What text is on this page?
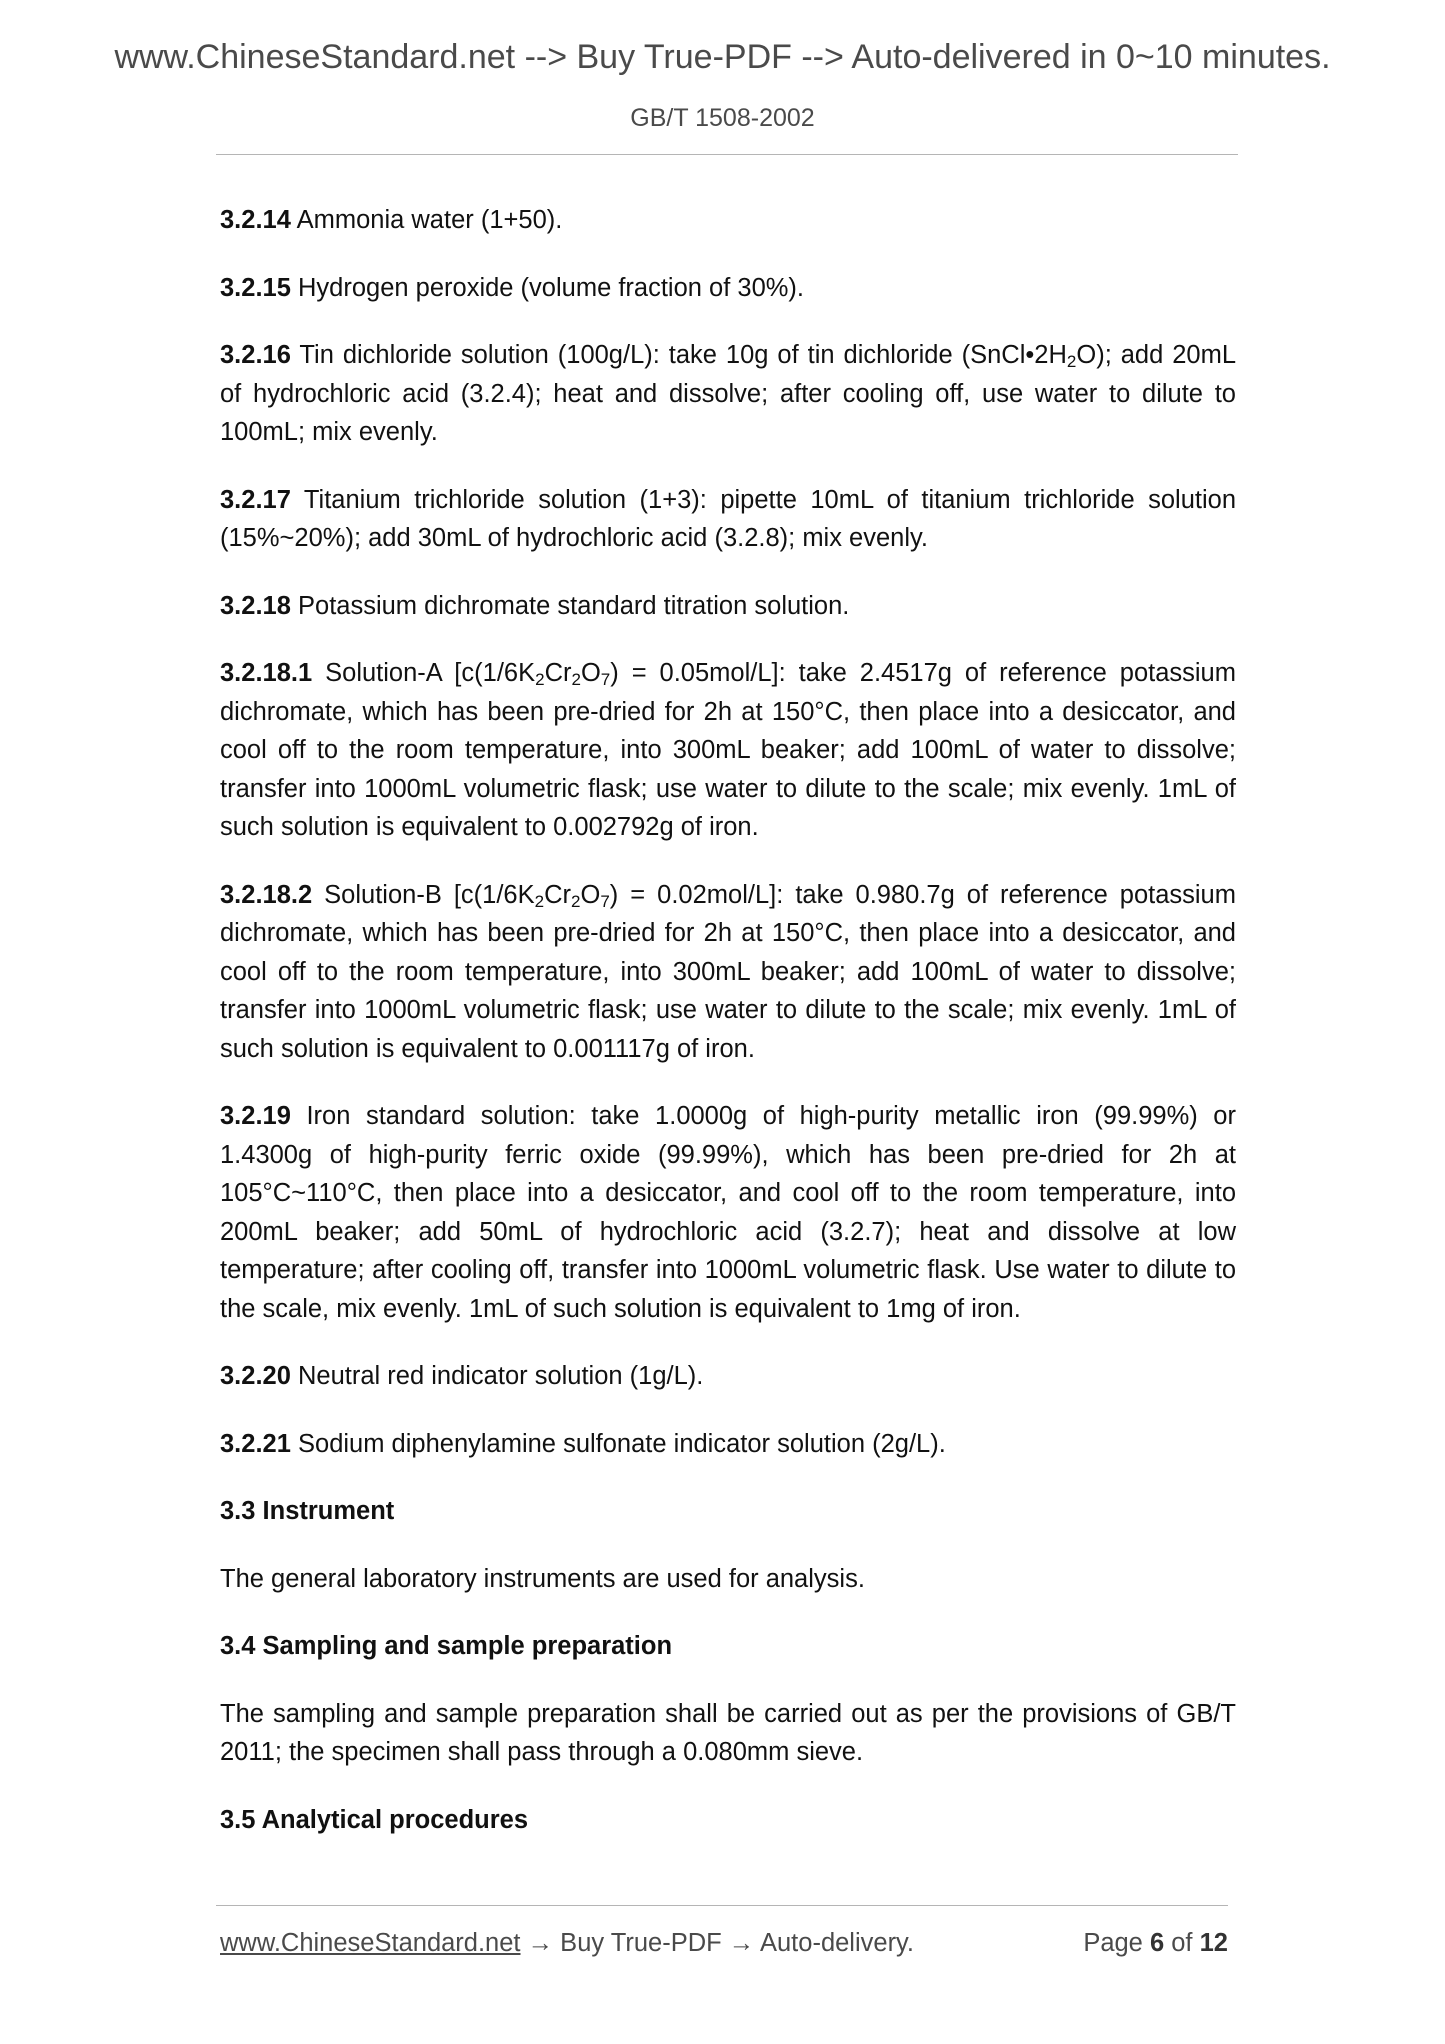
www.ChineseStandard.net --> Buy True-PDF --> Auto-delivered in 0~10 minutes.
GB/T 1508-2002

3.2.14 Ammonia water (1+50).

3.2.15 Hydrogen peroxide (volume fraction of 30%).

3.2.16 Tin dichloride solution (100g/L): take 10g of tin dichloride $(SnCl•2H_2O)$; add 20mL of hydrochloric acid (3.2.4); heat and dissolve; after cooling off, use water to dilute to 100mL; mix evenly.

3.2.17 Titanium trichloride solution (1+3): pipette 10mL of titanium trichloride solution (15%~20%); add 30mL of hydrochloric acid (3.2.8); mix evenly.

3.2.18 Potassium dichromate standard titration solution.

3.2.18.1 Solution-A $[c(1/6K_2Cr_2O_7) = 0.05mol/L]$: take 2.4517g of reference potassium dichromate, which has been pre-dried for 2h at 150°C, then place into a desiccator, and cool off to the room temperature, into 300mL beaker; add 100mL of water to dissolve; transfer into 1000mL volumetric flask; use water to dilute to the scale; mix evenly. 1mL of such solution is equivalent to 0.002792g of iron.

3.2.18.2 Solution-B $[c(1/6K_2Cr_2O_7) = 0.02mol/L]$: take 0.980.7g of reference potassium dichromate, which has been pre-dried for 2h at 150°C, then place into a desiccator, and cool off to the room temperature, into 300mL beaker; add 100mL of water to dissolve; transfer into 1000mL volumetric flask; use water to dilute to the scale; mix evenly. 1mL of such solution is equivalent to 0.001117g of iron.

3.2.19 Iron standard solution: take 1.0000g of high-purity metallic iron (99.99%) or 1.4300g of high-purity ferric oxide (99.99%), which has been pre-dried for 2h at 105°C~110°C, then place into a desiccator, and cool off to the room temperature, into 200mL beaker; add 50mL of hydrochloric acid (3.2.7); heat and dissolve at low temperature; after cooling off, transfer into 1000mL volumetric flask. Use water to dilute to the scale, mix evenly. 1mL of such solution is equivalent to 1mg of iron.

3.2.20 Neutral red indicator solution (1g/L).

3.2.21 Sodium diphenylamine sulfonate indicator solution (2g/L).

3.3 Instrument

The general laboratory instruments are used for analysis.

3.4 Sampling and sample preparation

The sampling and sample preparation shall be carried out as per the provisions of GB/T 2011; the specimen shall pass through a 0.080mm sieve.

3.5 Analytical procedures

www.ChineseStandard.net → Buy True-PDF → Auto-delivery.	Page 6 of 12
